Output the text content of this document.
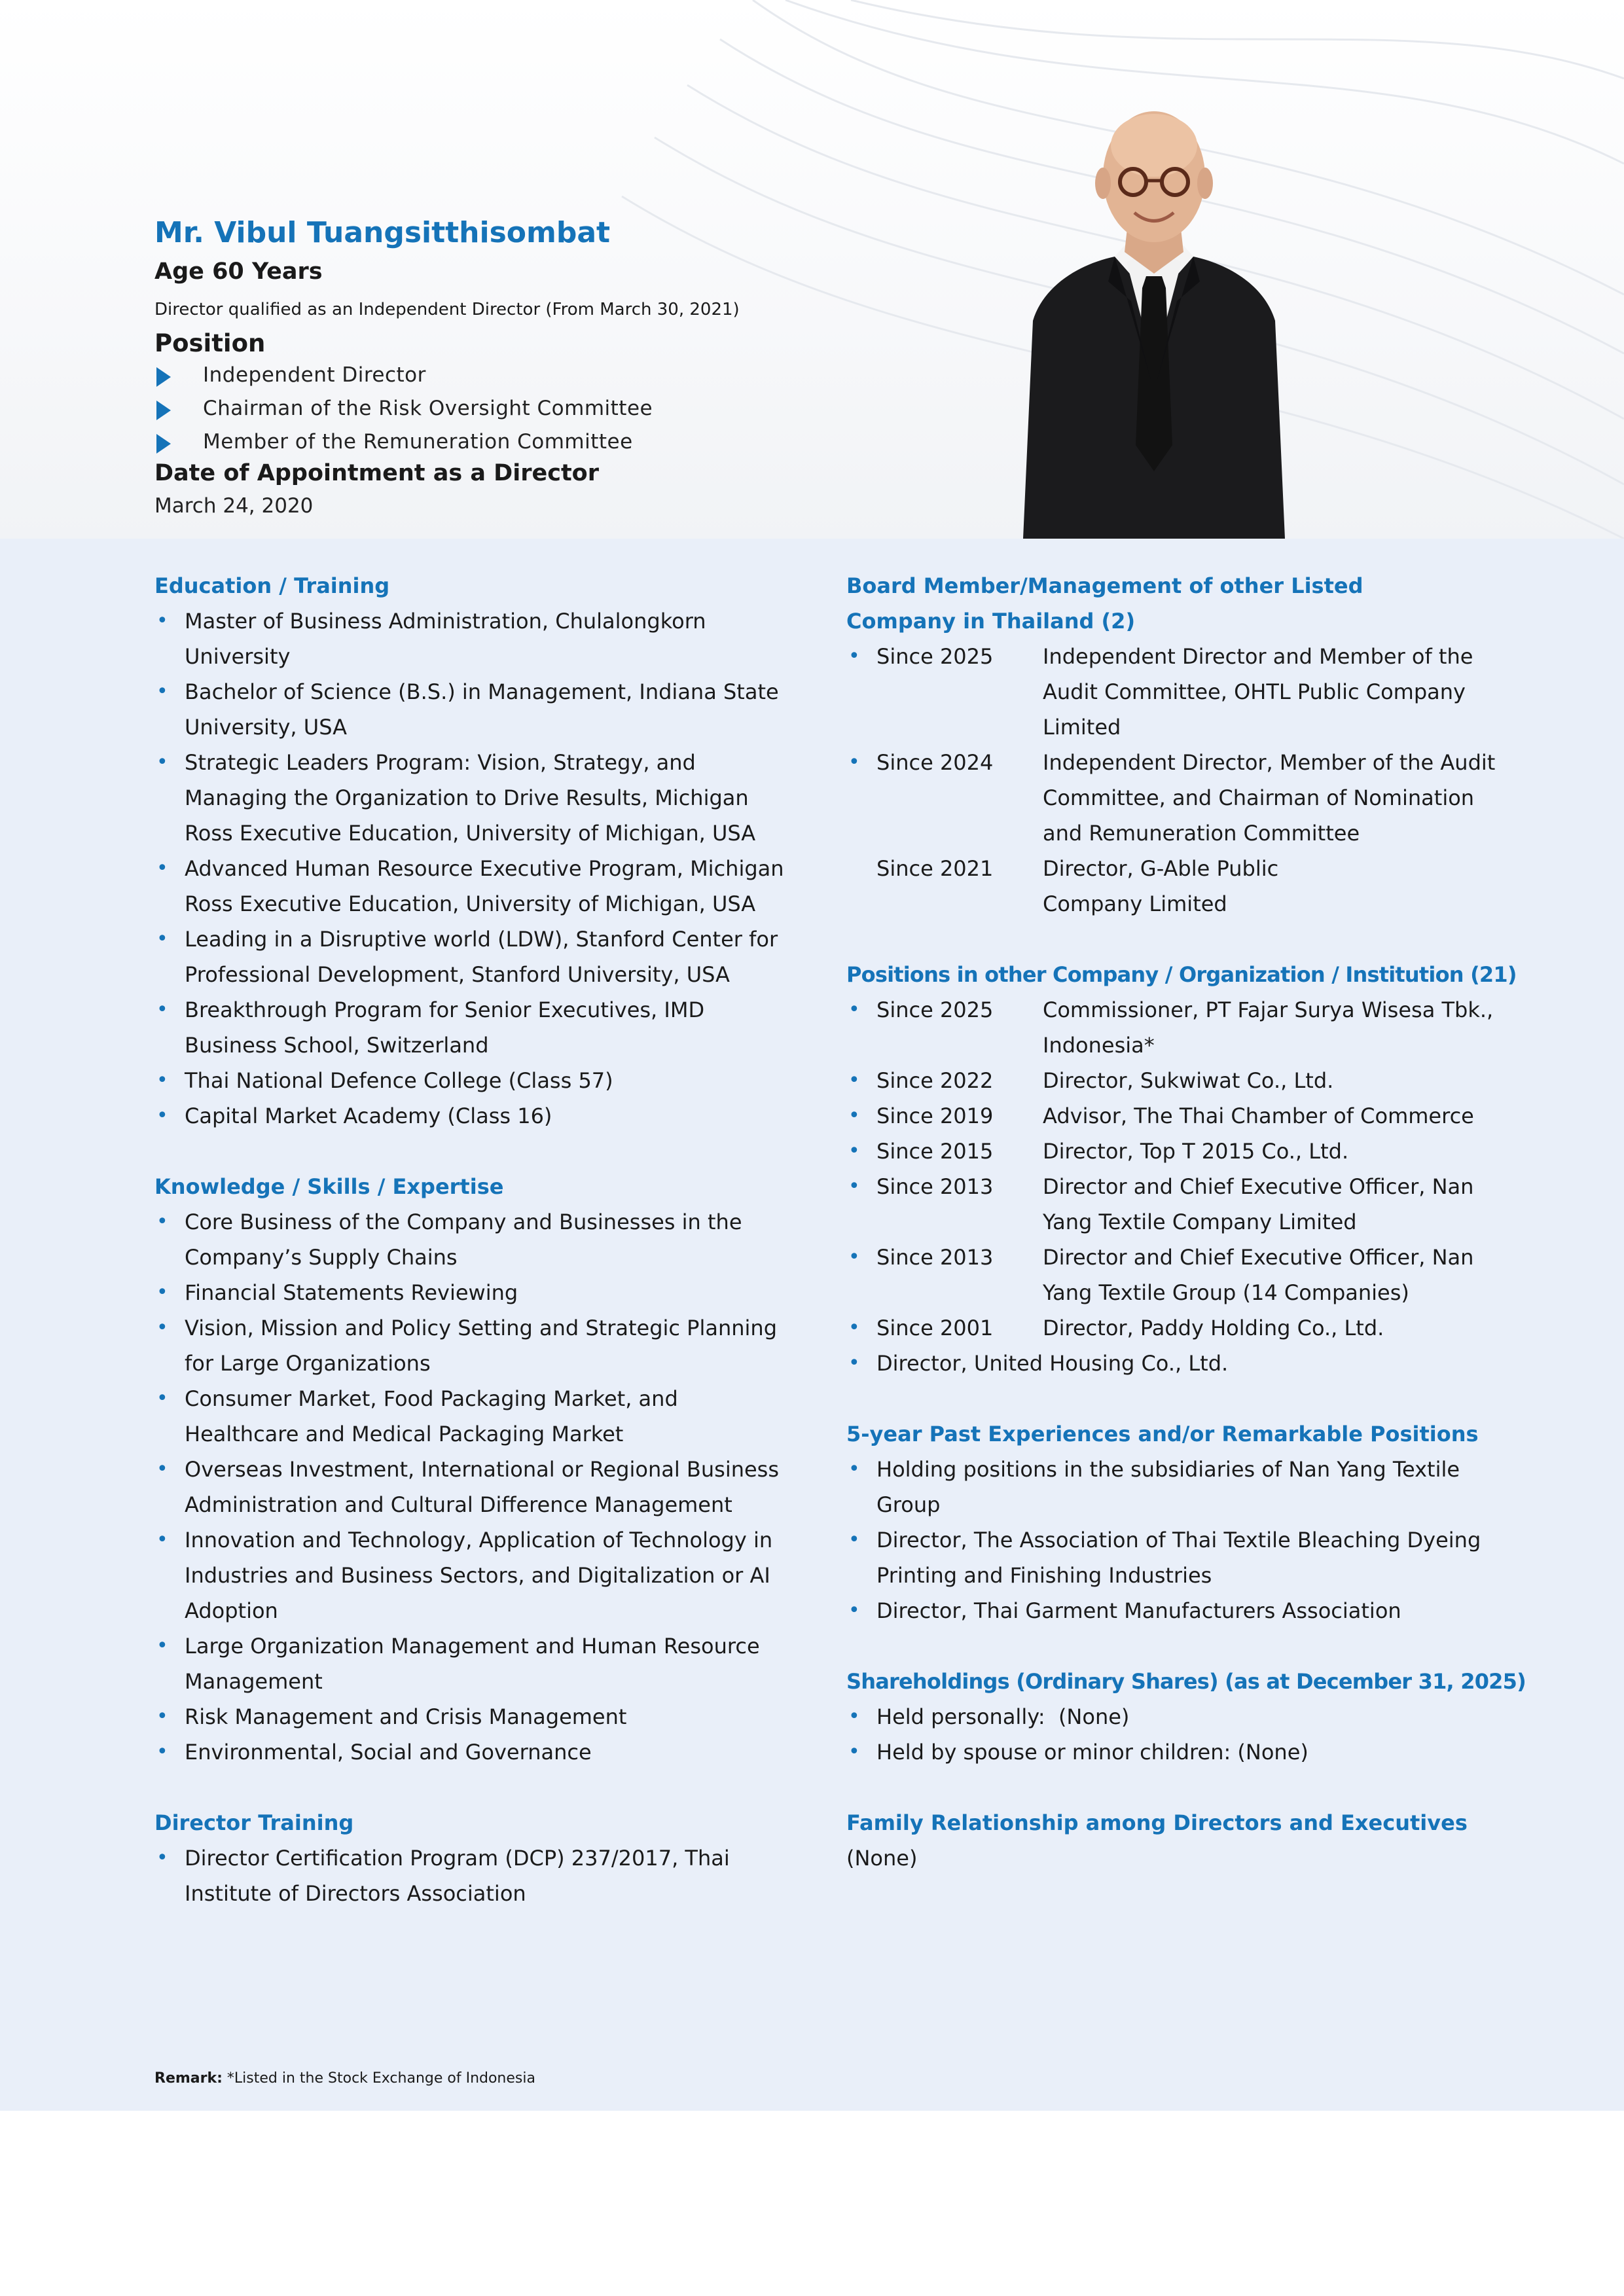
Mr. Vibul Tuangsitthisombat
Age 60 Years
Director qualified as an Independent Director (From March 30, 2021)
Position
Independent Director
Chairman of the Risk Oversight Committee
Member of the Remuneration Committee
Date of Appointment as a Director
March 24, 2020
Education / Training
• Master of Business Administration, Chulalongkorn University
• Bachelor of Science (B.S.) in Management, Indiana State University, USA
• Strategic Leaders Program: Vision, Strategy, and Managing the Organization to Drive Results, Michigan Ross Executive Education, University of Michigan, USA
• Advanced Human Resource Executive Program, Michigan Ross Executive Education, University of Michigan, USA
• Leading in a Disruptive world (LDW), Stanford Center for Professional Development, Stanford University, USA
• Breakthrough Program for Senior Executives, IMD Business School, Switzerland
• Thai National Defence College (Class 57)
• Capital Market Academy (Class 16)
Knowledge / Skills / Expertise
• Core Business of the Company and Businesses in the Company’s Supply Chains
• Financial Statements Reviewing
• Vision, Mission and Policy Setting and Strategic Planning for Large Organizations
• Consumer Market, Food Packaging Market, and Healthcare and Medical Packaging Market
• Overseas Investment, International or Regional Business Administration and Cultural Difference Management
• Innovation and Technology, Application of Technology in Industries and Business Sectors, and Digitalization or AI Adoption
• Large Organization Management and Human Resource Management
• Risk Management and Crisis Management
• Environmental, Social and Governance
Director Training
• Director Certification Program (DCP) 237/2017, Thai Institute of Directors Association
Board Member/Management of other Listed Company in Thailand (2)
• Since 2025 Independent Director and Member of the Audit Committee, OHTL Public Company Limited
• Since 2024 Independent Director, Member of the Audit Committee, and Chairman of Nomination and Remuneration Committee
Since 2021 Director, G-Able Public Company Limited
Positions in other Company / Organization / Institution (21)
• Since 2025 Commissioner, PT Fajar Surya Wisesa Tbk., Indonesia*
• Since 2022 Director, Sukwiwat Co., Ltd.
• Since 2019 Advisor, The Thai Chamber of Commerce
• Since 2015 Director, Top T 2015 Co., Ltd.
• Since 2013 Director and Chief Executive Officer, Nan Yang Textile Company Limited
• Since 2013 Director and Chief Executive Officer, Nan Yang Textile Group (14 Companies)
• Since 2001 Director, Paddy Holding Co., Ltd.
• Director, United Housing Co., Ltd.
5-year Past Experiences and/or Remarkable Positions
• Holding positions in the subsidiaries of Nan Yang Textile Group
• Director, The Association of Thai Textile Bleaching Dyeing Printing and Finishing Industries
• Director, Thai Garment Manufacturers Association
Shareholdings (Ordinary Shares) (as at December 31, 2025)
• Held personally:  (None)
• Held by spouse or minor children: (None)
Family Relationship among Directors and Executives

(None)

Remark: *Listed in the Stock Exchange of Indonesia
